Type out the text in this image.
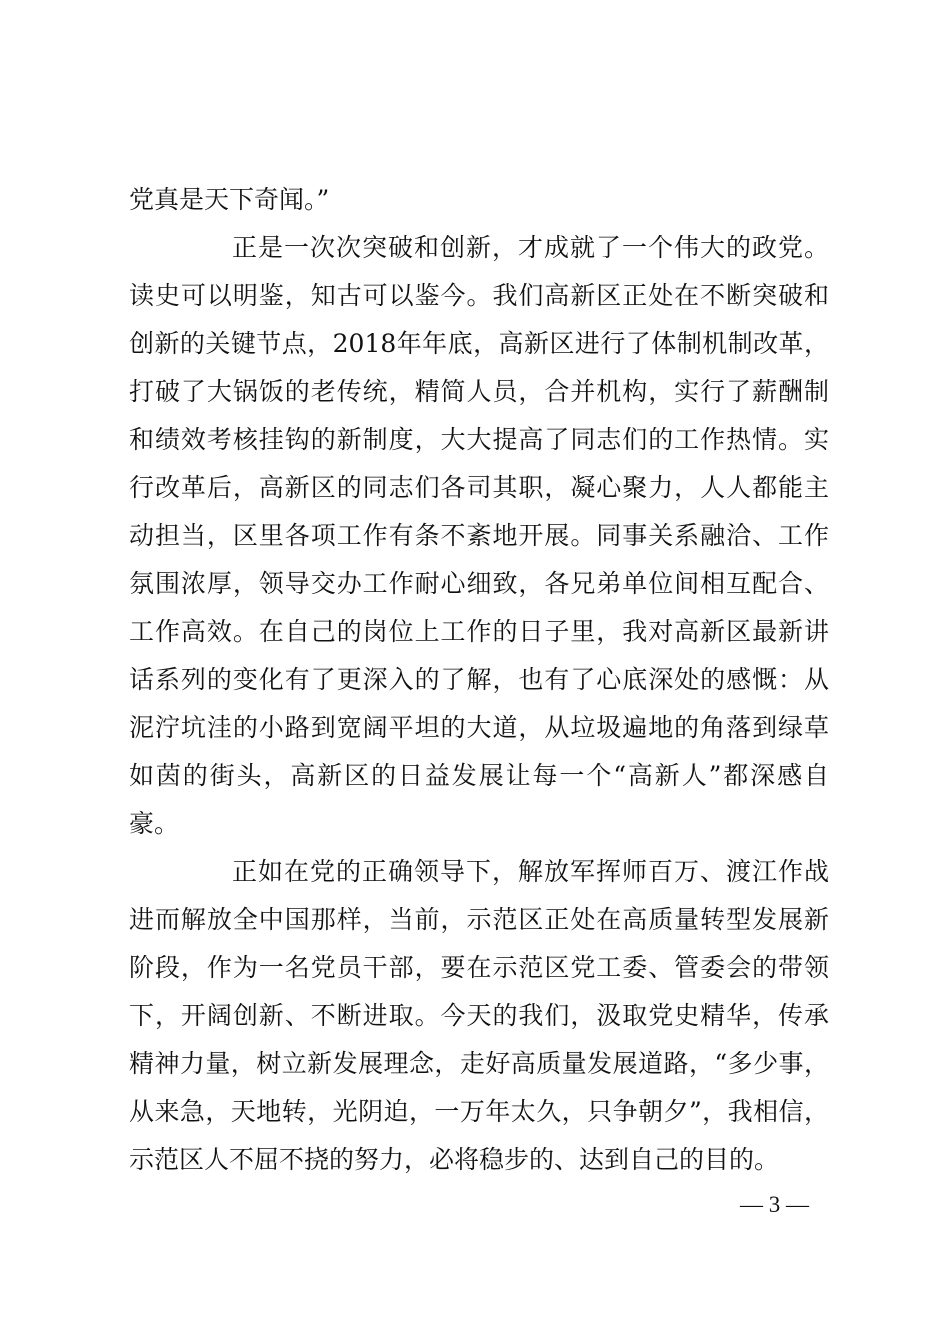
党真是天下奇闻。”
正是一次次突破和创新，才成就了一个伟大的政党。
读史可以明鉴，知古可以鉴今。我们高新区正处在不断突破和
创新的关键节点，2018年年底，高新区进行了体制机制改革，
打破了大锅饭的老传统，精简人员，合并机构，实行了薪酬制
和绩效考核挂钩的新制度，大大提高了同志们的工作热情。实
行改革后，高新区的同志们各司其职，凝心聚力，人人都能主
动担当，区里各项工作有条不紊地开展。同事关系融洽、工作
氛围浓厚，领导交办工作耐心细致，各兄弟单位间相互配合、
工作高效。在自己的岗位上工作的日子里，我对高新区最新讲
话系列的变化有了更深入的了解，也有了心底深处的感慨：从
泥泞坑洼的小路到宽阔平坦的大道，从垃圾遍地的角落到绿草
如茵的街头，高新区的日益发展让每一个“高新人”都深感自
豪。
正如在党的正确领导下，解放军挥师百万、渡江作战
进而解放全中国那样，当前，示范区正处在高质量转型发展新
阶段，作为一名党员干部，要在示范区党工委、管委会的带领
下，开阔创新、不断进取。今天的我们，汲取党史精华，传承
精神力量，树立新发展理念，走好高质量发展道路，“多少事，
从来急，天地转，光阴迫，一万年太久，只争朝夕”，我相信，
示范区人不屈不挠的努力，必将稳步的、达到自己的目的。
— 3 —
